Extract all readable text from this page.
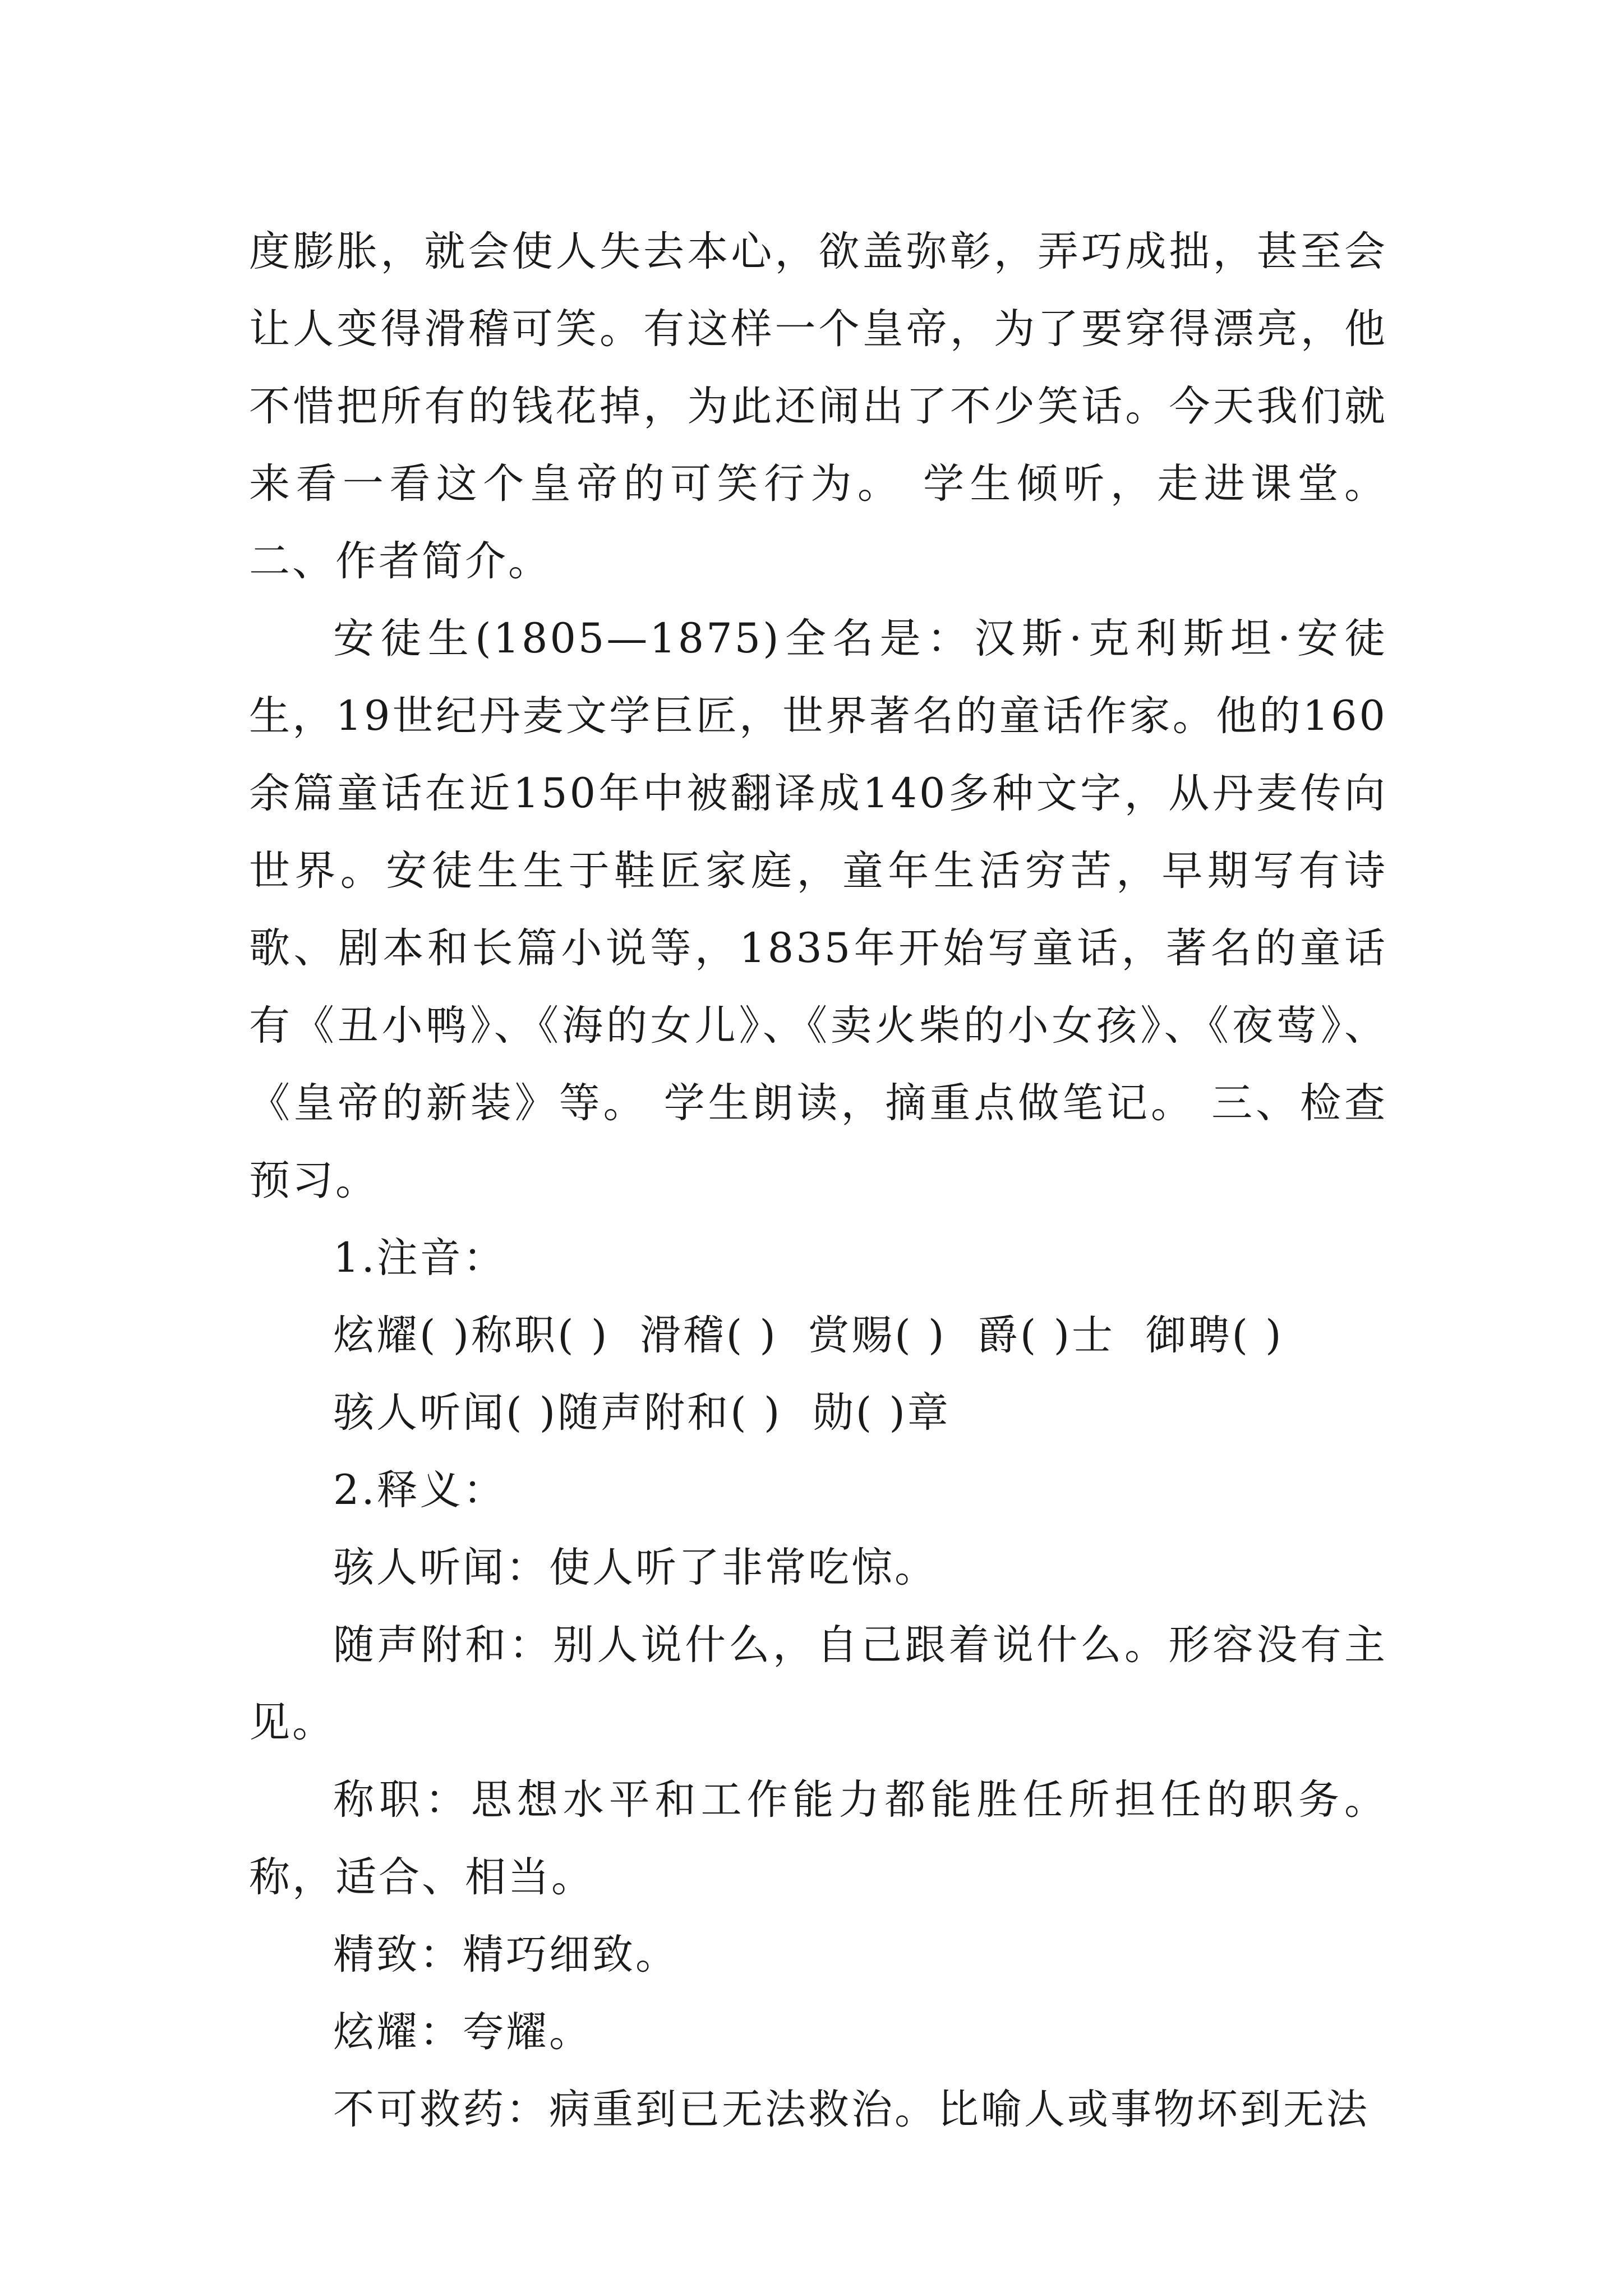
度膨胀，就会使人失去本心，欲盖弥彰，弄巧成拙，甚至会让人变得滑稽可笑。有这样一个皇帝，为了要穿得漂亮，他不惜把所有的钱花掉，为此还闹出了不少笑话。今天我们就来看一看这个皇帝的可笑行为。 学生倾听，走进课堂。 二、作者简介。

安徒生(1805—1875)全名是：汉斯·克利斯坦·安徒生，19世纪丹麦文学巨匠，世界著名的童话作家。他的160余篇童话在近150年中被翻译成140多种文字，从丹麦传向世界。安徒生生于鞋匠家庭，童年生活穷苦，早期写有诗歌、剧本和长篇小说等，1835年开始写童话，著名的童话有《丑小鸭》、《海的女儿》、《卖火柴的小女孩》、《夜莺》、《皇帝的新装》等。 学生朗读，摘重点做笔记。 三、检查预习。

1.注音：

炫耀( )称职( )  滑稽( )  赏赐( )  爵( )士  御聘( )

骇人听闻( )随声附和( )  勋( )章

2.释义：

骇人听闻：使人听了非常吃惊。

随声附和：别人说什么，自己跟着说什么。形容没有主见。

称职：思想水平和工作能力都能胜任所担任的职务。称，适合、相当。

精致：精巧细致。

炫耀：夸耀。

不可救药：病重到已无法救治。比喻人或事物坏到无法
